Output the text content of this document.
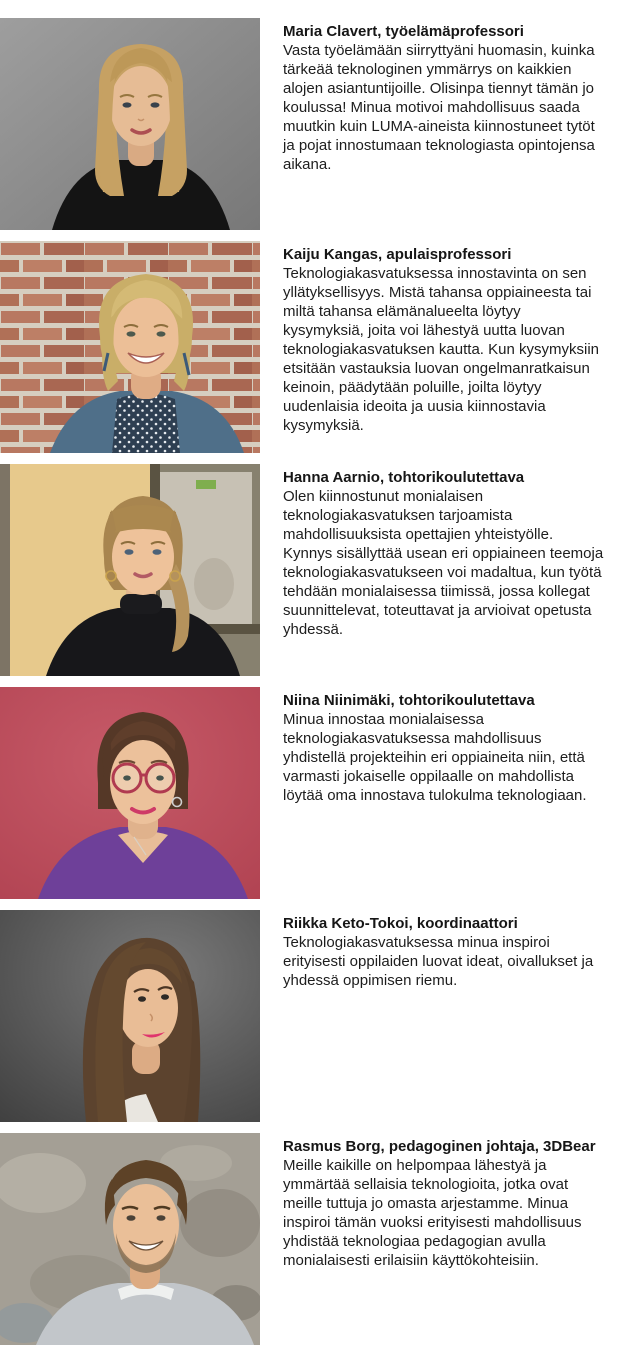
Maria Clavert, työelämäprofessori

Vasta työelämään siirryttyäni huomasin, kuinka tärkeää teknologinen ymmärrys on kaikkien alojen asiantuntijoille. Olisinpa tiennyt tämän jo koulussa! Minua motivoi mahdollisuus saada muutkin kuin LUMA-aineista kiinnostuneet tytöt ja pojat innostumaan teknologiasta opintojensa aikana.

Kaiju Kangas, apulaisprofessori

Teknologiakasvatuksessa innostavinta on sen yllätyksellisyys. Mistä tahansa oppiaineesta tai miltä tahansa elämänalueelta löytyy kysymyksiä, joita voi lähestyä uutta luovan teknologiakasvatuksen kautta. Kun kysymyksiin etsitään vastauksia luovan ongelmanratkaisun keinoin, päädytään poluille, joilta löytyy uudenlaisia ideoita ja uusia kiinnostavia kysymyksiä.

Hanna Aarnio, tohtorikoulutettava

Olen kiinnostunut monialaisen teknologiakasvatuksen tarjoamista mahdollisuuksista opettajien yhteistyölle. Kynnys sisällyttää usean eri oppiaineen teemoja teknologiakasvatukseen voi madaltua, kun työtä tehdään monialaisessa tiimissä, jossa kollegat suunnittelevat, toteuttavat ja arvioivat opetusta yhdessä.

Niina Niinimäki, tohtorikoulutettava

Minua innostaa monialaisessa teknologiakasvatuksessa mahdollisuus yhdistellä projekteihin eri oppiaineita niin, että varmasti jokaiselle oppilaalle on mahdollista löytää oma innostava tulokulma teknologiaan.

Riikka Keto-Tokoi, koordinaattori

Teknologiakasvatuksessa minua inspiroi erityisesti oppilaiden luovat ideat, oivallukset ja yhdessä oppimisen riemu.

Rasmus Borg, pedagoginen johtaja, 3DBear

Meille kaikille on helpompaa lähestyä ja ymmärtää sellaisia teknologioita, jotka ovat meille tuttuja jo omasta arjestamme. Minua inspiroi tämän vuoksi erityisesti mahdollisuus yhdistää teknologiaa pedagogian avulla monialaisesti erilaisiin käyttökohteisiin.
